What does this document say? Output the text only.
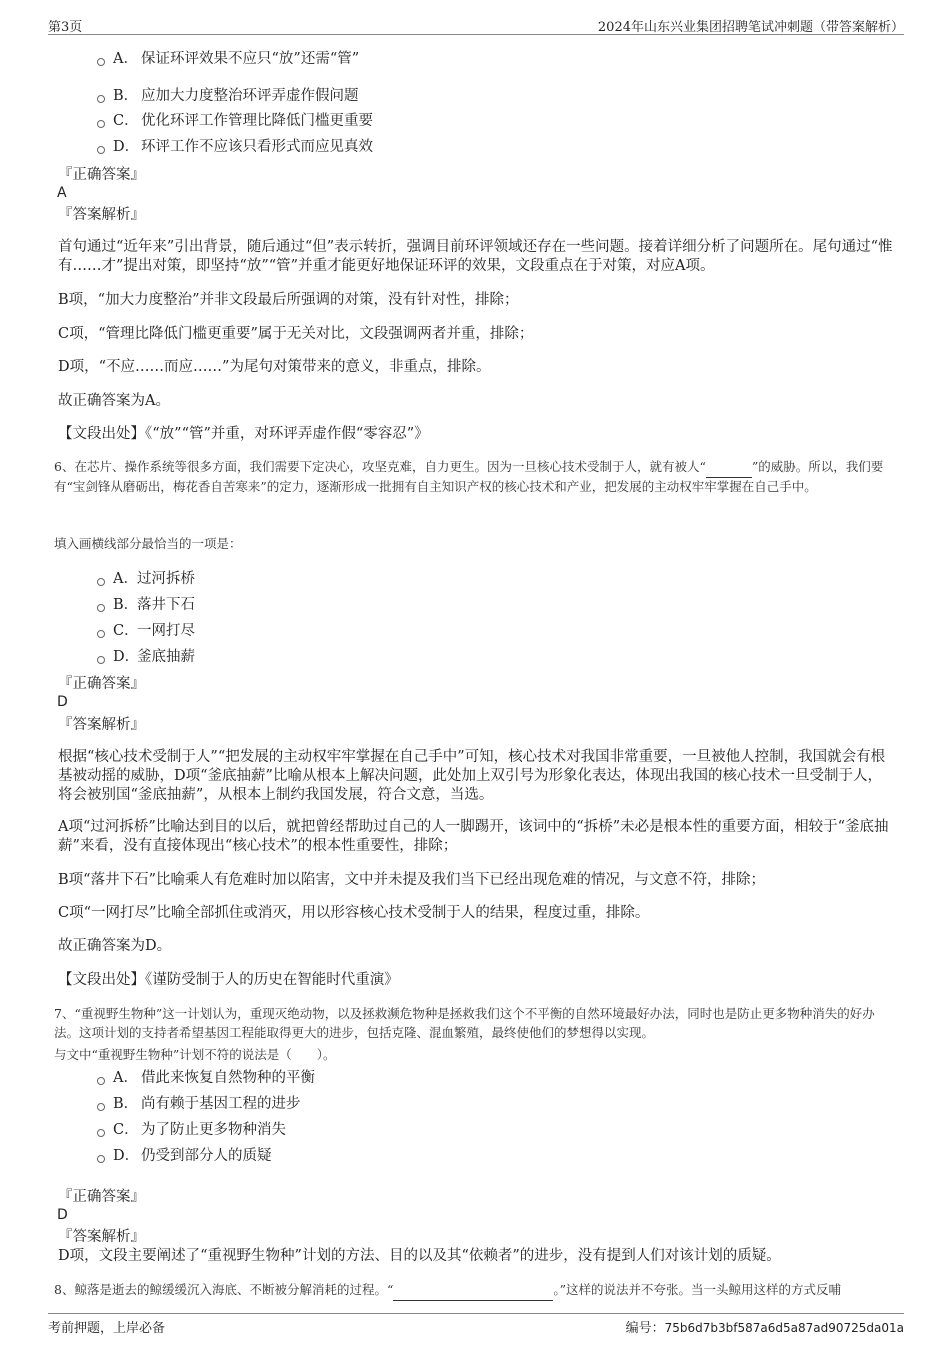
第3页	2024年山东兴业集团招聘笔试冲刺题（带答案解析）
A． 保证环评效果不应只“放”还需“管”
B． 应加大力度整治环评弄虚作假问题
C． 优化环评工作管理比降低门槛更重要
D． 环评工作不应该只看形式而应见真效
『正确答案』
A
『答案解析』
首句通过“近年来”引出背景，随后通过“但”表示转折，强调目前环评领域还存在一些问题。接着详细分析了问题所在。尾句通过“惟有……才”提出对策，即坚持“放”“管”并重才能更好地保证环评的效果，文段重点在于对策，对应A项。
B项，“加大力度整治”并非文段最后所强调的对策，没有针对性，排除；
C项，“管理比降低门槛更重要”属于无关对比，文段强调两者并重，排除；
D项，“不应……而应……”为尾句对策带来的意义，非重点，排除。
故正确答案为A。
【文段出处】《“放”“管”并重，对环评弄虚作假“零容忍”》
6、在芯片、操作系统等很多方面，我们需要下定决心，攻坚克难，自力更生。因为一旦核心技术受制于人，就有被人“	”的威胁。所以，我们要有“宝剑锋从磨砺出，梅花香自苦寒来”的定力，逐渐形成一批拥有自主知识产权的核心技术和产业，把发展的主动权牢牢掌握在自己手中。
填入画横线部分最恰当的一项是：
A．过河拆桥
B．落井下石
C．一网打尽
D．釜底抽薪
『正确答案』
D
『答案解析』
根据“核心技术受制于人”“把发展的主动权牢牢掌握在自己手中”可知，核心技术对我国非常重要，一旦被他人控制，我国就会有根基被动摇的威胁，D项“釜底抽薪”比喻从根本上解决问题，此处加上双引号为形象化表达，体现出我国的核心技术一旦受制于人，将会被别国“釜底抽薪”，从根本上制约我国发展，符合文意，当选。
A项“过河拆桥”比喻达到目的以后，就把曾经帮助过自己的人一脚踢开，该词中的“拆桥”未必是根本性的重要方面，相较于“釜底抽薪”来看，没有直接体现出“核心技术”的根本性重要性，排除；
B项“落井下石”比喻乘人有危难时加以陷害，文中并未提及我们当下已经出现危难的情况，与文意不符，排除；
C项“一网打尽”比喻全部抓住或消灭，用以形容核心技术受制于人的结果，程度过重，排除。
故正确答案为D。
【文段出处】《谨防受制于人的历史在智能时代重演》
7、“重视野生物种”这一计划认为，重现灭绝动物，以及拯救濒危物种是拯救我们这个不平衡的自然环境最好办法，同时也是防止更多物种消失的好办法。这项计划的支持者希望基因工程能取得更大的进步，包括克隆、混血繁殖，最终使他们的梦想得以实现。
与文中“重视野生物种”计划不符的说法是（　　）。
A． 借此来恢复自然物种的平衡
B． 尚有赖于基因工程的进步
C． 为了防止更多物种消失
D． 仍受到部分人的质疑
『正确答案』
D
『答案解析』
D项，文段主要阐述了“重视野生物种”计划的方法、目的以及其“依赖者”的进步，没有提到人们对该计划的质疑。
8、鲸落是逝去的鲸缓缓沉入海底、不断被分解消耗的过程。“	。”这样的说法并不夸张。当一头鲸用这样的方式反哺
考前押题，上岸必备	编号：75b6d7b3bf587a6d5a87ad90725da01a
